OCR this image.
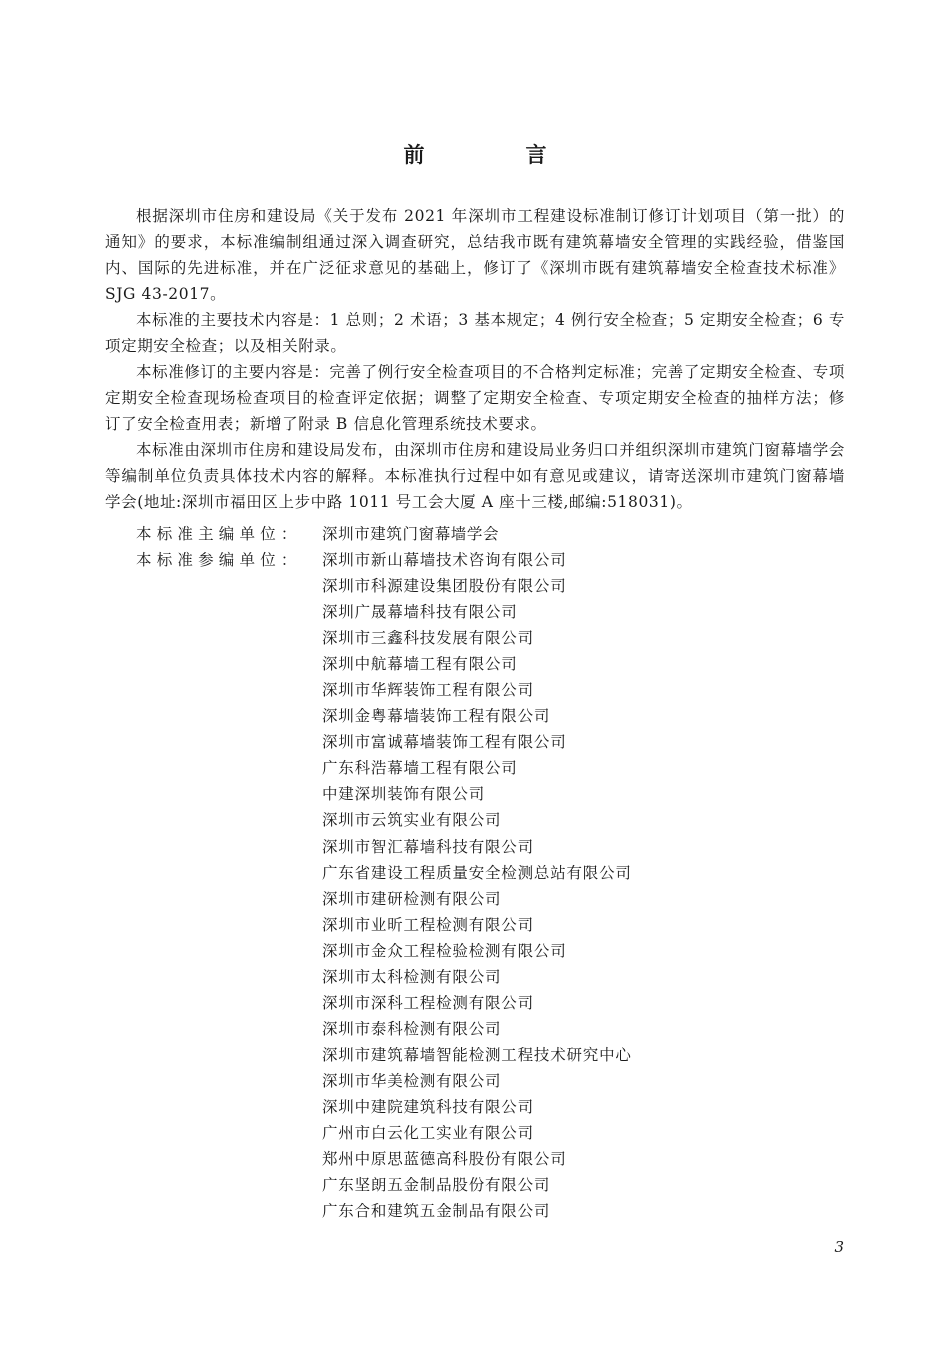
前　言

根据深圳市住房和建设局《关于发布 2021 年深圳市工程建设标准制订修订计划项目（第一批）的通知》的要求，本标准编制组通过深入调查研究，总结我市既有建筑幕墙安全管理的实践经验，借鉴国内、国际的先进标准，并在广泛征求意见的基础上，修订了《深圳市既有建筑幕墙安全检查技术标准》SJG 43-2017。

本标准的主要技术内容是：1 总则；2 术语；3 基本规定；4 例行安全检查；5 定期安全检查；6 专项定期安全检查；以及相关附录。

本标准修订的主要内容是：完善了例行安全检查项目的不合格判定标准；完善了定期安全检查、专项定期安全检查现场检查项目的检查评定依据；调整了定期安全检查、专项定期安全检查的抽样方法；修订了安全检查用表；新增了附录 B 信息化管理系统技术要求。

本标准由深圳市住房和建设局发布，由深圳市住房和建设局业务归口并组织深圳市建筑门窗幕墙学会等编制单位负责具体技术内容的解释。本标准执行过程中如有意见或建议，请寄送深圳市建筑门窗幕墙学会(地址:深圳市福田区上步中路 1011 号工会大厦 A 座十三楼,邮编:518031)。

本标准主编单位：	深圳市建筑门窗幕墙学会
本标准参编单位：	深圳市新山幕墙技术咨询有限公司
深圳市科源建设集团股份有限公司
深圳广晟幕墙科技有限公司
深圳市三鑫科技发展有限公司
深圳中航幕墙工程有限公司
深圳市华辉装饰工程有限公司
深圳金粤幕墙装饰工程有限公司
深圳市富诚幕墙装饰工程有限公司
广东科浩幕墙工程有限公司
中建深圳装饰有限公司
深圳市云筑实业有限公司
深圳市智汇幕墙科技有限公司
广东省建设工程质量安全检测总站有限公司
深圳市建研检测有限公司
深圳市业昕工程检测有限公司
深圳市金众工程检验检测有限公司
深圳市太科检测有限公司
深圳市深科工程检测有限公司
深圳市泰科检测有限公司
深圳市建筑幕墙智能检测工程技术研究中心
深圳市华美检测有限公司
深圳中建院建筑科技有限公司
广州市白云化工实业有限公司
郑州中原思蓝德高科股份有限公司
广东坚朗五金制品股份有限公司
广东合和建筑五金制品有限公司
3
